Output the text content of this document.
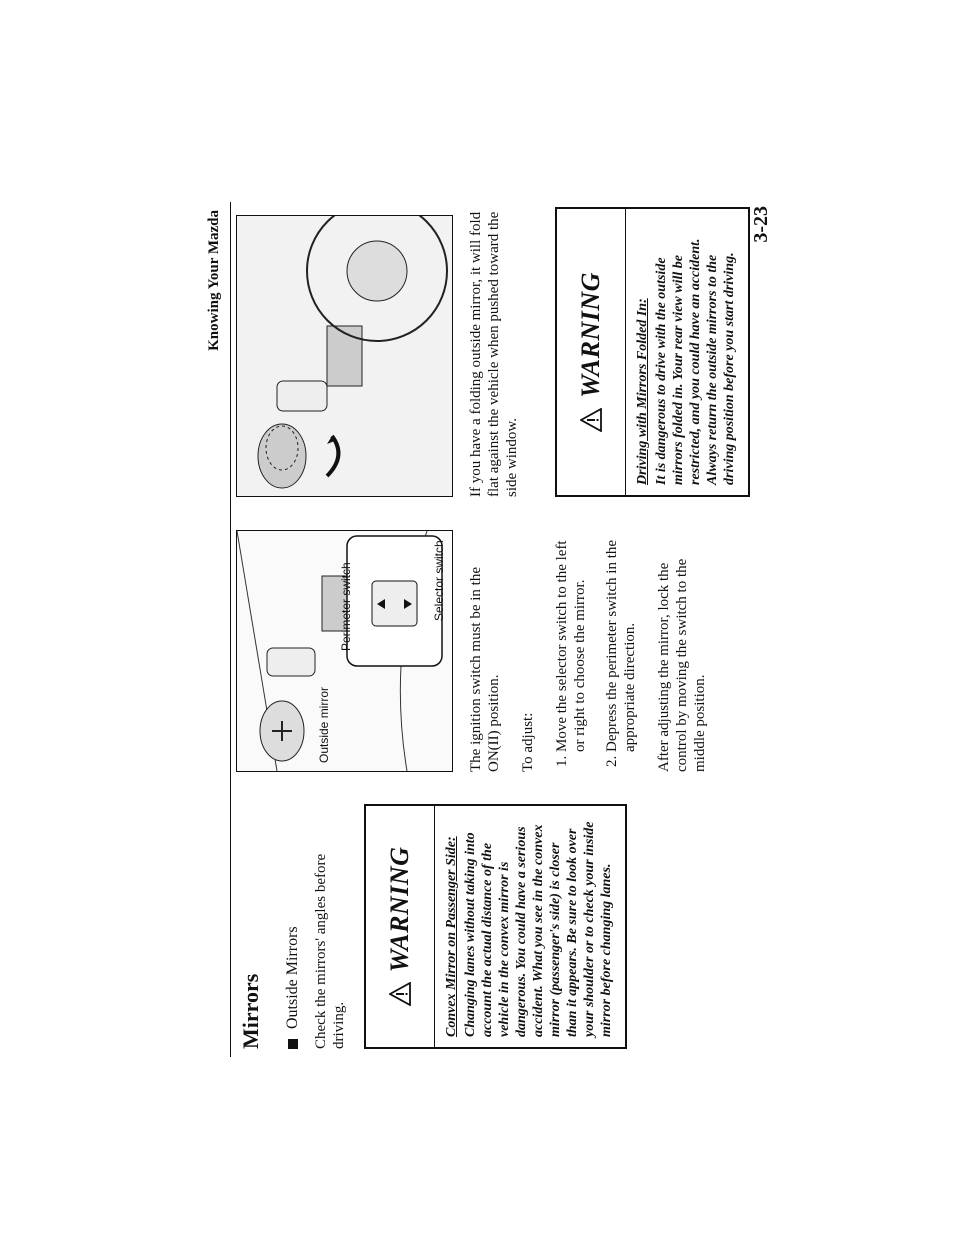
Knowing Your Mazda
Mirrors Outside Mirrors Check the mirrors' angles before driving.

WARNING Convex Mirror on Passenger Side: Changing lanes without taking into account the actual distance of the vehicle in the convex mirror is dangerous. You could have a serious accident. What you see in the convex mirror (passenger's side) is closer than it appears. Be sure to look over your shoulder or to check your inside mirror before changing lanes.
Outside mirror
Selector switch
Perimeter switch	The ignition switch must be in the ON(II) position. To adjust: 1. Move the selector switch to the left or right to choose the mirror. 2. Depress the perimeter switch in the appropriate direction. After adjusting the mirror, lock the control by moving the switch to the middle position.

If you have a folding outside mirror, it will fold flat against the vehicle when pushed toward the side window.

WARNING Driving with Mirrors Folded In: It is dangerous to drive with the outside mirrors folded in. Your rear view will be restricted, and you could have an accident. Always return the outside mirrors to the driving position before you start driving.
3-23
